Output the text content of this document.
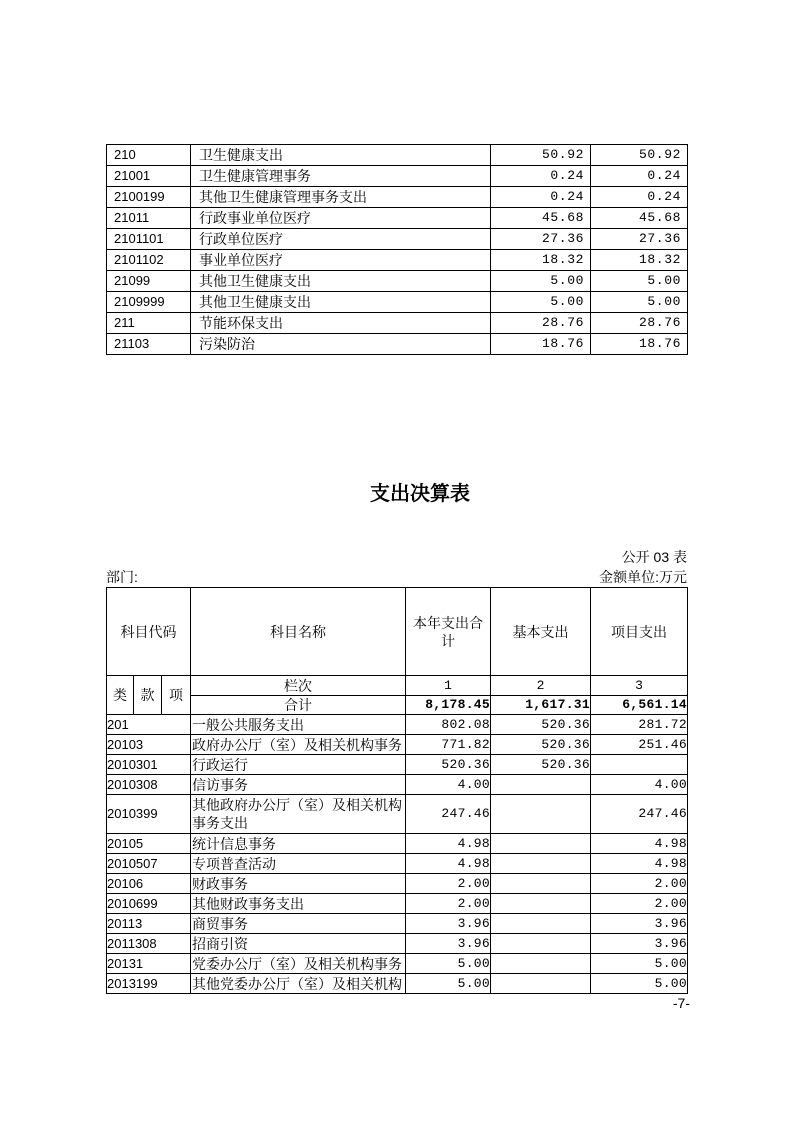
210	卫生健康支出	50.92	50.92
21001	卫生健康管理事务	0.24	0.24
2100199	其他卫生健康管理事务支出	0.24	0.24
21011	行政事业单位医疗	45.68	45.68
2101101	行政单位医疗	27.36	27.36
2101102	事业单位医疗	18.32	18.32
21099	其他卫生健康支出	5.00	5.00
2109999	其他卫生健康支出	5.00	5.00
211	节能环保支出	28.76	28.76
21103	污染防治	18.76	18.76
支出决算表
公开 03 表
部门:	金额单位:万元
科目代码			科目名称	本年支出合计	基本支出	项目支出
类	款	项	栏次	1	2	3
			合计	8,178.45	1,617.31	6,561.14
201			一般公共服务支出	802.08	520.36	281.72
20103			政府办公厅（室）及相关机构事务	771.82	520.36	251.46
2010301			行政运行	520.36	520.36	
2010308			信访事务	4.00		4.00
2010399			其他政府办公厅（室）及相关机构事务支出	247.46		247.46
20105			统计信息事务	4.98		4.98
2010507			专项普查活动	4.98		4.98
20106			财政事务	2.00		2.00
2010699			其他财政事务支出	2.00		2.00
20113			商贸事务	3.96		3.96
2011308			招商引资	3.96		3.96
20131			党委办公厅（室）及相关机构事务	5.00		5.00
2013199			其他党委办公厅（室）及相关机构	5.00		5.00
-7-
